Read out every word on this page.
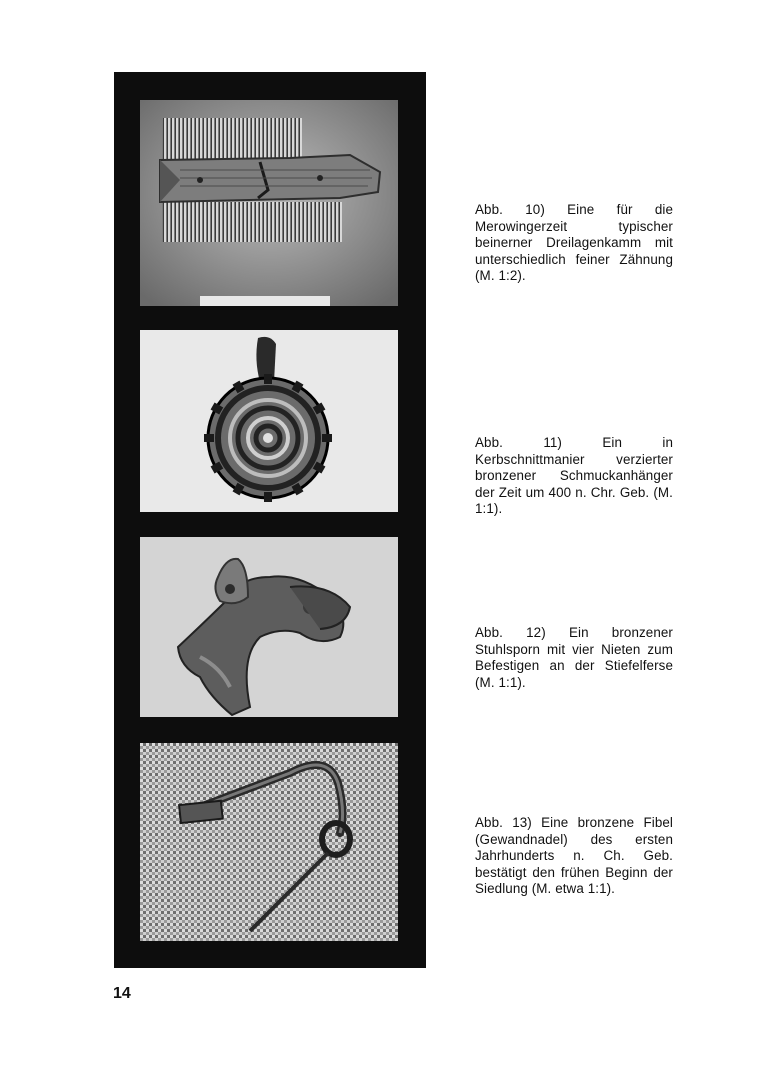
Abb. 10) Eine für die Merowingerzeit typischer beinerner Dreilagenkamm mit unterschiedlich feiner Zähnung (M. 1:2).
Abb. 11) Ein in Kerbschnittmanier verzierter bronzener Schmuckanhänger der Zeit um 400 n. Chr. Geb. (M. 1:1).
Abb. 12) Ein bronzener Stuhlsporn mit vier Nieten zum Befestigen an der Stiefelferse (M. 1:1).
Abb. 13) Eine bronzene Fibel (Gewandnadel) des ersten Jahrhunderts n. Ch. Geb. bestätigt den frühen Beginn der Siedlung (M. etwa 1:1).
14
